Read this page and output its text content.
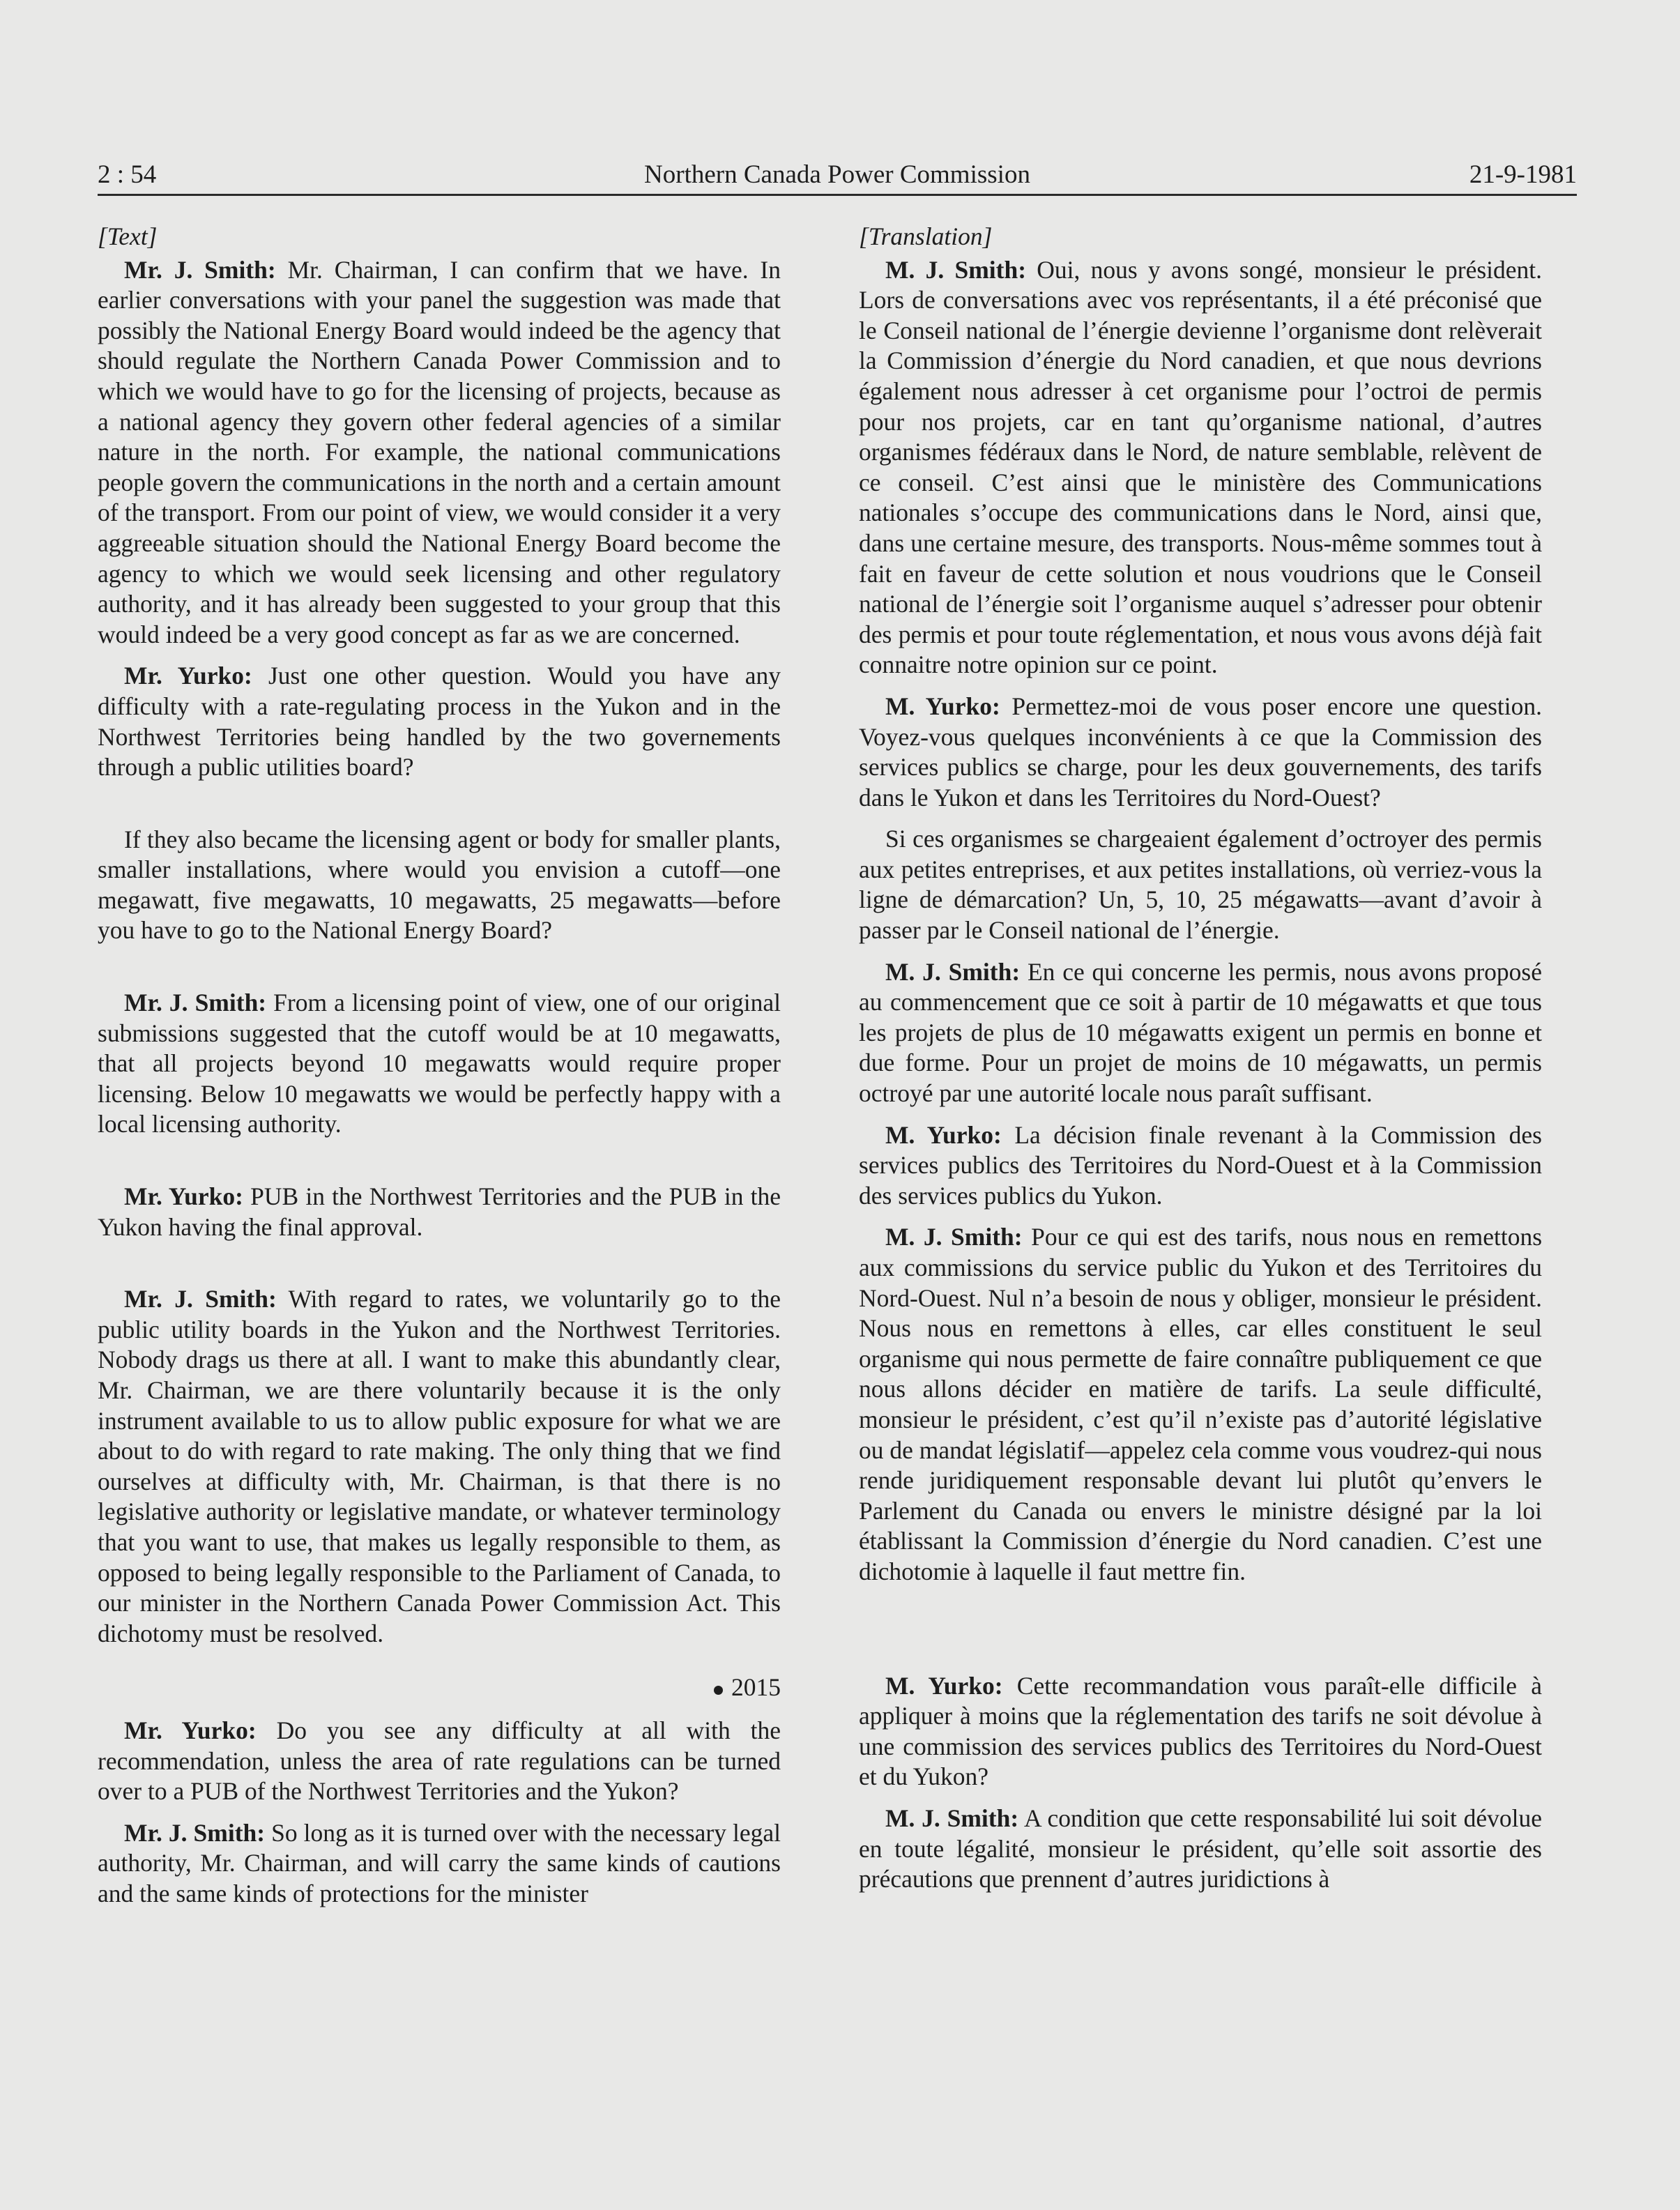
2 : 54	Northern Canada Power Commission	21-9-1981
[Text]

Mr. J. Smith: Mr. Chairman, I can confirm that we have. In earlier conversations with your panel the suggestion was made that possibly the National Energy Board would indeed be the agency that should regulate the Northern Canada Power Commission and to which we would have to go for the licensing of projects, because as a national agency they govern other federal agencies of a similar nature in the north. For example, the national communications people govern the communications in the north and a certain amount of the transport. From our point of view, we would consider it a very aggreeable situation should the National Energy Board become the agency to which we would seek licensing and other regulatory authority, and it has already been suggested to your group that this would indeed be a very good concept as far as we are concerned.

Mr. Yurko: Just one other question. Would you have any difficulty with a rate-regulating process in the Yukon and in the Northwest Territories being handled by the two governements through a public utilities board?

If they also became the licensing agent or body for smaller plants, smaller installations, where would you envision a cutoff—one megawatt, five megawatts, 10 megawatts, 25 megawatts—before you have to go to the National Energy Board?

Mr. J. Smith: From a licensing point of view, one of our original submissions suggested that the cutoff would be at 10 megawatts, that all projects beyond 10 megawatts would require proper licensing. Below 10 megawatts we would be perfectly happy with a local licensing authority.

Mr. Yurko: PUB in the Northwest Territories and the PUB in the Yukon having the final approval.

Mr. J. Smith: With regard to rates, we voluntarily go to the public utility boards in the Yukon and the Northwest Territories. Nobody drags us there at all. I want to make this abundantly clear, Mr. Chairman, we are there voluntarily because it is the only instrument available to us to allow public exposure for what we are about to do with regard to rate making. The only thing that we find ourselves at difficulty with, Mr. Chairman, is that there is no legislative authority or legislative mandate, or whatever terminology that you want to use, that makes us legally responsible to them, as opposed to being legally responsible to the Parliament of Canada, to our minister in the Northern Canada Power Commission Act. This dichotomy must be resolved.

2015

Mr. Yurko: Do you see any difficulty at all with the recommendation, unless the area of rate regulations can be turned over to a PUB of the Northwest Territories and the Yukon?

Mr. J. Smith: So long as it is turned over with the necessary legal authority, Mr. Chairman, and will carry the same kinds of cautions and the same kinds of protections for the minister

[Translation]

M. J. Smith: Oui, nous y avons songé, monsieur le président. Lors de conversations avec vos représentants, il a été préconisé que le Conseil national de l’énergie devienne l’organisme dont relèverait la Commission d’énergie du Nord canadien, et que nous devrions également nous adresser à cet organisme pour l’octroi de permis pour nos projets, car en tant qu’organisme national, d’autres organismes fédéraux dans le Nord, de nature semblable, relèvent de ce conseil. C’est ainsi que le ministère des Communications nationales s’occupe des communications dans le Nord, ainsi que, dans une certaine mesure, des transports. Nous-même sommes tout à fait en faveur de cette solution et nous voudrions que le Conseil national de l’énergie soit l’organisme auquel s’adresser pour obtenir des permis et pour toute réglementation, et nous vous avons déjà fait connaitre notre opinion sur ce point.

M. Yurko: Permettez-moi de vous poser encore une question. Voyez-vous quelques inconvénients à ce que la Commission des services publics se charge, pour les deux gouvernements, des tarifs dans le Yukon et dans les Territoires du Nord-Ouest?

Si ces organismes se chargeaient également d’octroyer des permis aux petites entreprises, et aux petites installations, où verriez-vous la ligne de démarcation? Un, 5, 10, 25 mégawatts—avant d’avoir à passer par le Conseil national de l’énergie.

M. J. Smith: En ce qui concerne les permis, nous avons proposé au commencement que ce soit à partir de 10 mégawatts et que tous les projets de plus de 10 mégawatts exigent un permis en bonne et due forme. Pour un projet de moins de 10 mégawatts, un permis octroyé par une autorité locale nous paraît suffisant.

M. Yurko: La décision finale revenant à la Commission des services publics des Territoires du Nord-Ouest et à la Commission des services publics du Yukon.

M. J. Smith: Pour ce qui est des tarifs, nous nous en remettons aux commissions du service public du Yukon et des Territoires du Nord-Ouest. Nul n’a besoin de nous y obliger, monsieur le président. Nous nous en remettons à elles, car elles constituent le seul organisme qui nous permette de faire connaître publiquement ce que nous allons décider en matière de tarifs. La seule difficulté, monsieur le président, c’est qu’il n’existe pas d’autorité législative ou de mandat législatif—appelez cela comme vous voudrez-qui nous rende juridiquement responsable devant lui plutôt qu’envers le Parlement du Canada ou envers le ministre désigné par la loi établissant la Commission d’énergie du Nord canadien. C’est une dichotomie à laquelle il faut mettre fin.

M. Yurko: Cette recommandation vous paraît-elle difficile à appliquer à moins que la réglementation des tarifs ne soit dévolue à une commission des services publics des Territoires du Nord-Ouest et du Yukon?

M. J. Smith: A condition que cette responsabilité lui soit dévolue en toute légalité, monsieur le président, qu’elle soit assortie des précautions que prennent d’autres juridictions à
